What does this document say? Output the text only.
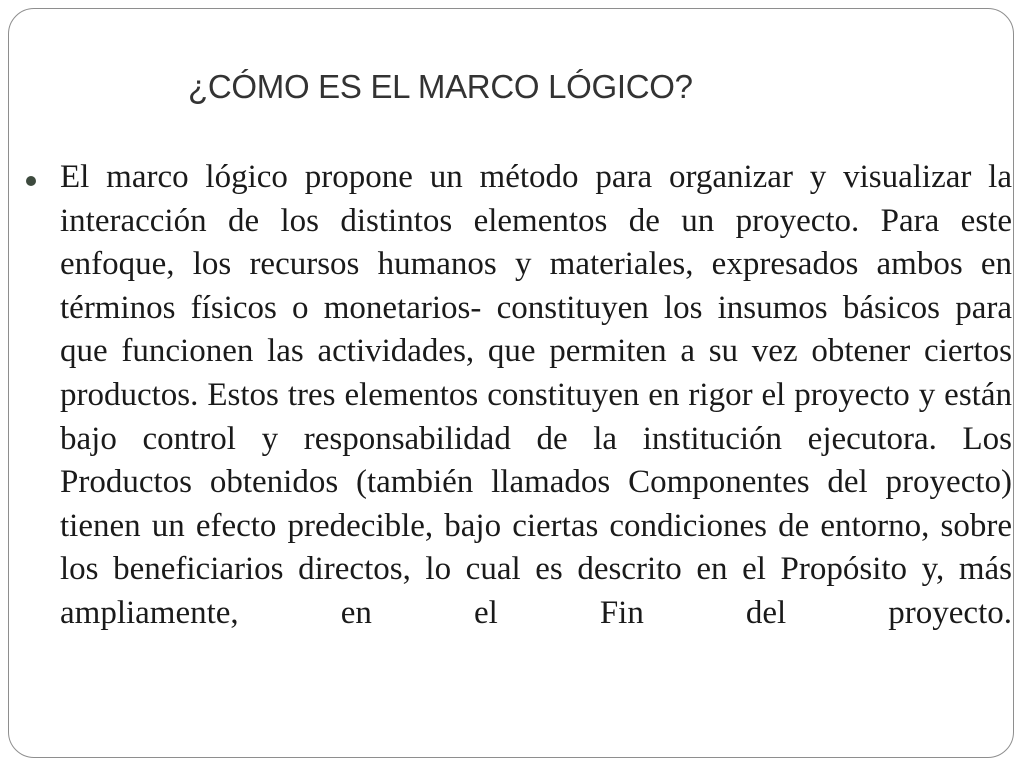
¿CÓMO ES EL MARCO LÓGICO?

El marco lógico propone un método para organizar y visualizar la interacción de los distintos elementos de un proyecto. Para este enfoque, los recursos humanos y materiales, expresados ambos en términos físicos o monetarios- constituyen los insumos básicos para que funcionen las actividades, que permiten a su vez obtener ciertos productos. Estos tres elementos constituyen en rigor el proyecto y están bajo control y responsabilidad de la institución ejecutora. Los Productos obtenidos (también llamados Componentes del proyecto) tienen un efecto predecible, bajo ciertas condiciones de entorno, sobre los beneficiarios directos, lo cual es descrito en el Propósito y, más ampliamente, en el Fin del proyecto.
